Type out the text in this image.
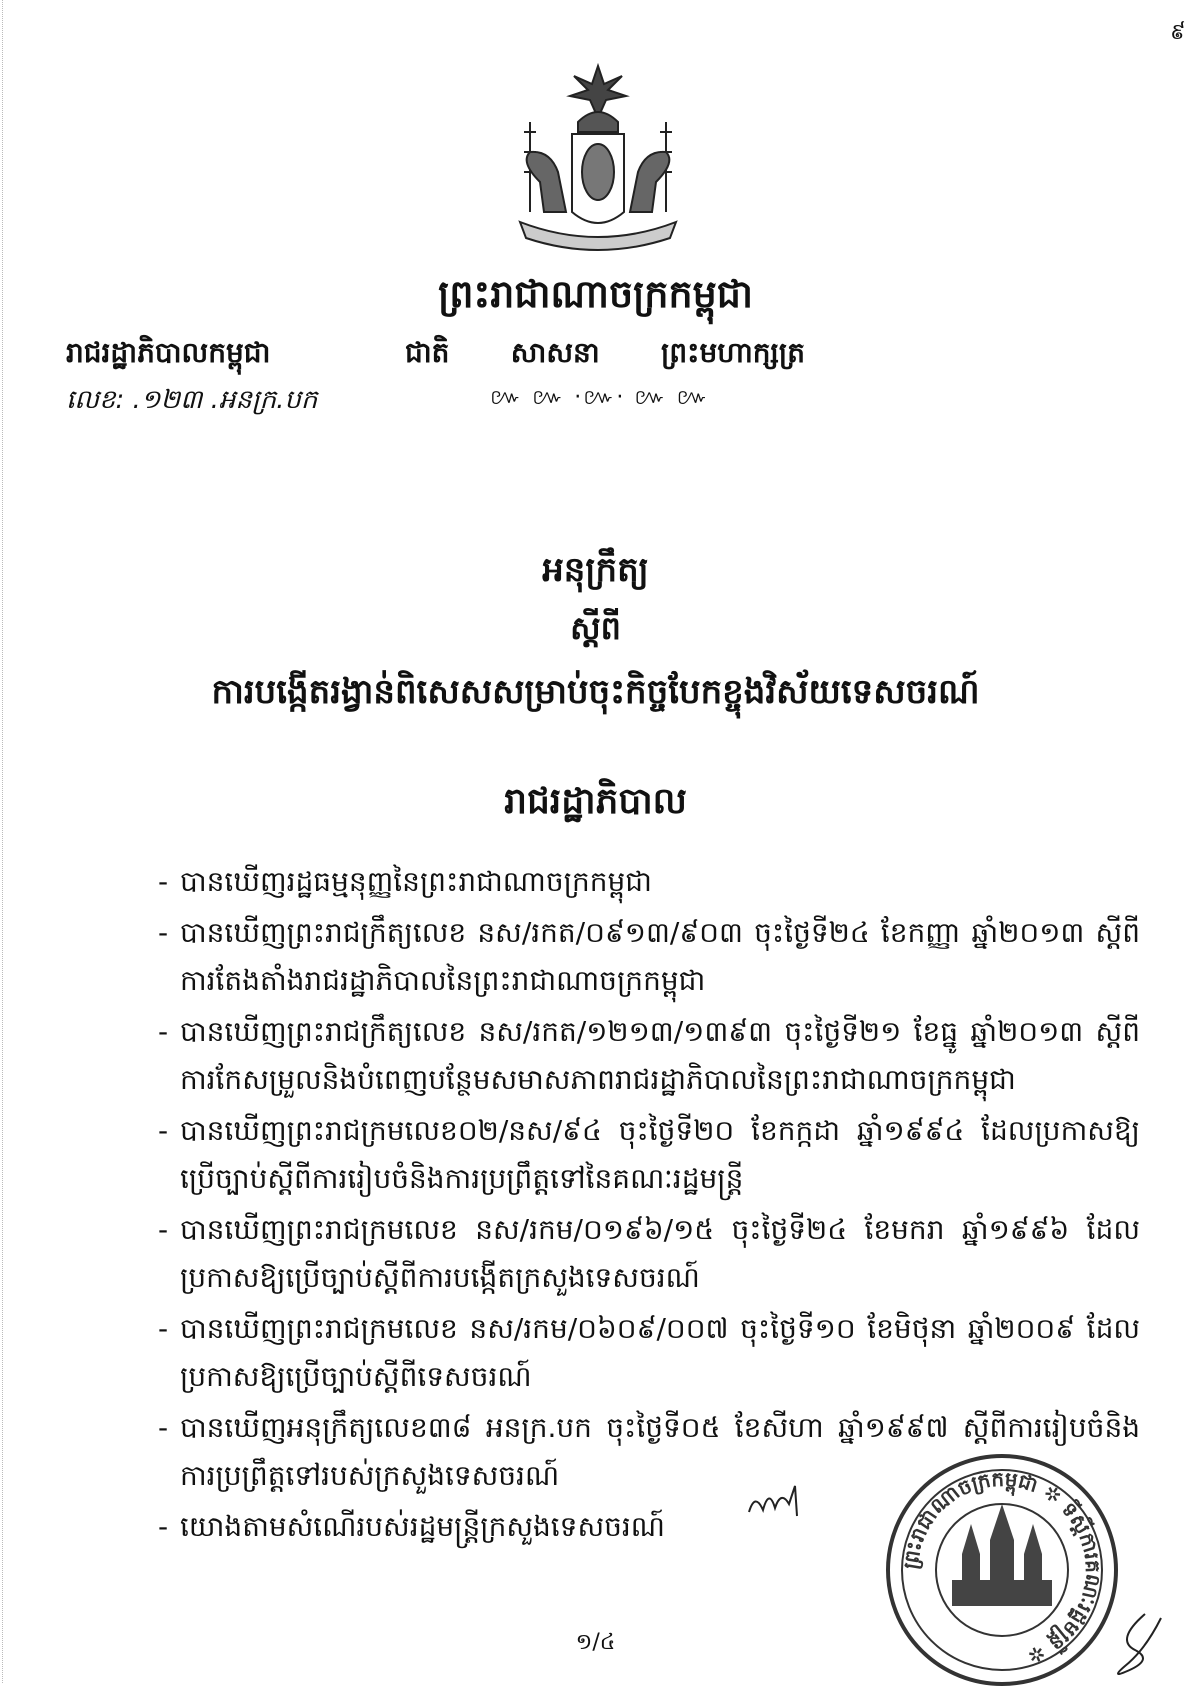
៩
ព្រះរាជាណាចក្រកម្ពុជា
រាជរដ្ឋាភិបាលកម្ពុជា	ជាតិ សាសនា ព្រះមហាក្សត្រ
លេខ: .១២៣ .អនក្រ.បក	៚ ៚ ·៚· ៚ ៚
អនុក្រឹត្យ
ស្តីពី
ការបង្កើតរង្វាន់ពិសេសសម្រាប់ចុះកិច្ចបែកខ្ចុងវិស័យទេសចរណ៍
រាជរដ្ឋាភិបាល
- បានឃើញរដ្ឋធម្មនុញ្ញនៃព្រះរាជាណាចក្រកម្ពុជា
- បានឃើញព្រះរាជក្រឹត្យលេខ នស/រកត/០៩១៣/៩០៣ ចុះថ្ងៃទី២៤ ខែកញ្ញា ឆ្នាំ២០១៣ ស្តីពីការតែងតាំងរាជរដ្ឋាភិបាលនៃព្រះរាជាណាចក្រកម្ពុជា
- បានឃើញព្រះរាជក្រឹត្យលេខ នស/រកត/១២១៣/១៣៩៣ ចុះថ្ងៃទី២១ ខែធ្នូ ឆ្នាំ២០១៣ ស្តីពីការកែសម្រួលនិងបំពេញបន្ថែមសមាសភាពរាជរដ្ឋាភិបាលនៃព្រះរាជាណាចក្រកម្ពុជា
- បានឃើញព្រះរាជក្រមលេខ០២/នស/៩៤ ចុះថ្ងៃទី២០ ខែកក្កដា ឆ្នាំ១៩៩៤ ដែលប្រកាសឱ្យប្រើច្បាប់ស្តីពីការរៀបចំនិងការប្រព្រឹត្តទៅនៃគណៈរដ្ឋមន្ត្រី
- បានឃើញព្រះរាជក្រមលេខ នស/រកម/០១៩៦/១៥ ចុះថ្ងៃទី២៤ ខែមករា ឆ្នាំ១៩៩៦ ដែលប្រកាសឱ្យប្រើច្បាប់ស្តីពីការបង្កើតក្រសួងទេសចរណ៍
- បានឃើញព្រះរាជក្រមលេខ នស/រកម/០៦០៩/០០៧ ចុះថ្ងៃទី១០ ខែមិថុនា ឆ្នាំ២០០៩ ដែលប្រកាសឱ្យប្រើច្បាប់ស្តីពីទេសចរណ៍
- បានឃើញអនុក្រឹត្យលេខ៣៨ អនក្រ.បក ចុះថ្ងៃទី០៥ ខែសីហា ឆ្នាំ១៩៩៧ ស្តីពីការរៀបចំនិងការប្រព្រឹត្តទៅរបស់ក្រសួងទេសចរណ៍
- យោងតាមសំណើរបស់រដ្ឋមន្ត្រីក្រសួងទេសចរណ៍
ព្រះរាជាណាចក្រកម្ពុជា ✲ ទីស្តីការគណៈរដ្ឋមន្ត្រី ✲
១/៤
